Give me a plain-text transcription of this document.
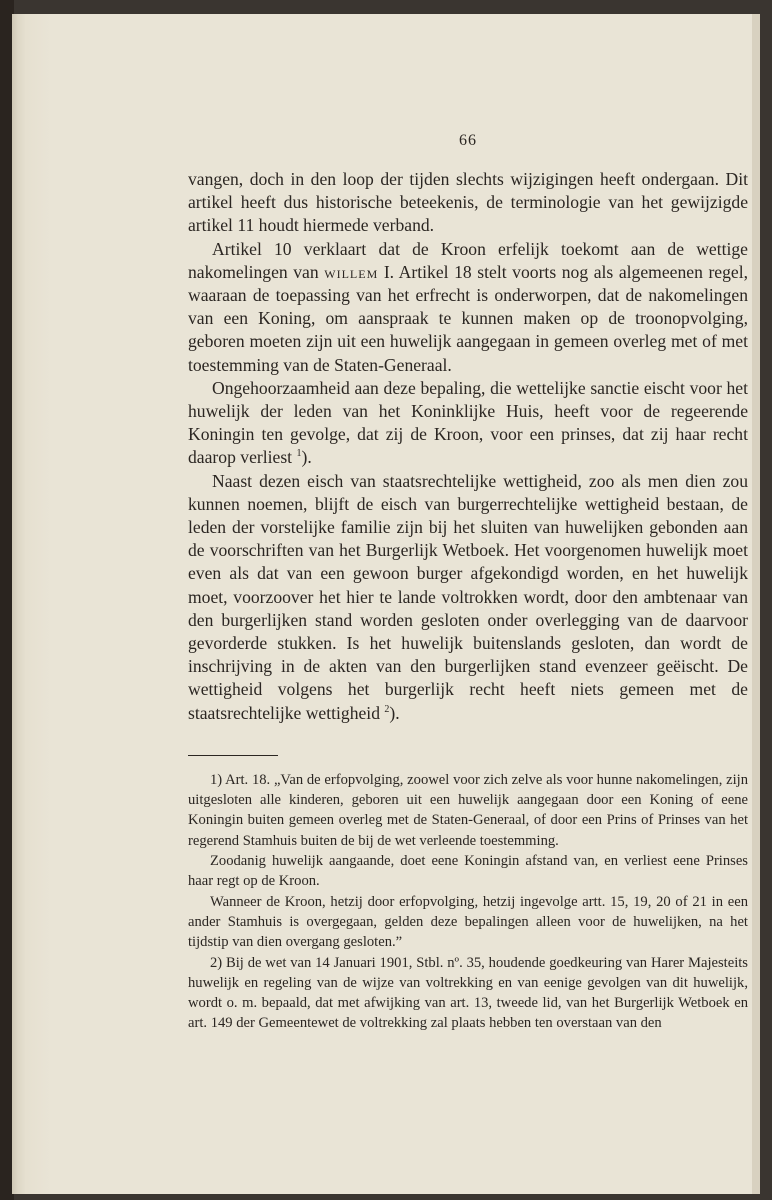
66

vangen, doch in den loop der tijden slechts wijzigingen heeft ondergaan. Dit artikel heeft dus historische beteekenis, de terminologie van het gewijzigde artikel 11 houdt hiermede verband.

Artikel 10 verklaart dat de Kroon erfelijk toekomt aan de wettige nakomelingen van willem I. Artikel 18 stelt voorts nog als algemeenen regel, waaraan de toepassing van het erfrecht is onderworpen, dat de nakomelingen van een Koning, om aanspraak te kunnen maken op de troonopvolging, geboren moeten zijn uit een huwelijk aangegaan in gemeen overleg met of met toestemming van de Staten-Generaal.

Ongehoorzaamheid aan deze bepaling, die wettelijke sanctie eischt voor het huwelijk der leden van het Koninklijke Huis, heeft voor de regeerende Koningin ten gevolge, dat zij de Kroon, voor een prinses, dat zij haar recht daarop verliest $^1$).

Naast dezen eisch van staatsrechtelijke wettigheid, zoo als men dien zou kunnen noemen, blijft de eisch van burgerrechtelijke wettigheid bestaan, de leden der vorstelijke familie zijn bij het sluiten van huwelijken gebonden aan de voorschriften van het Burgerlijk Wetboek. Het voorgenomen huwelijk moet even als dat van een gewoon burger afgekondigd worden, en het huwelijk moet, voorzoover het hier te lande voltrokken wordt, door den ambtenaar van den burgerlijken stand worden gesloten onder overlegging van de daarvoor gevorderde stukken. Is het huwelijk buitenslands gesloten, dan wordt de inschrijving in de akten van den burgerlijken stand evenzeer geëischt. De wettigheid volgens het burgerlijk recht heeft niets gemeen met de staatsrechtelijke wettigheid $^2$).

1) Art. 18. „Van de erfopvolging, zoowel voor zich zelve als voor hunne nakomelingen, zijn uitgesloten alle kinderen, geboren uit een huwelijk aangegaan door een Koning of eene Koningin buiten gemeen overleg met de Staten-Generaal, of door een Prins of Prinses van het regerend Stamhuis buiten de bij de wet verleende toestemming.

Zoodanig huwelijk aangaande, doet eene Koningin afstand van, en verliest eene Prinses haar regt op de Kroon.

Wanneer de Kroon, hetzij door erfopvolging, hetzij ingevolge artt. 15, 19, 20 of 21 in een ander Stamhuis is overgegaan, gelden deze bepalingen alleen voor de huwelijken, na het tijdstip van dien overgang gesloten.”

2) Bij de wet van 14 Januari 1901, Stbl. nº. 35, houdende goedkeuring van Harer Majesteits huwelijk en regeling van de wijze van voltrekking en van eenige gevolgen van dit huwelijk, wordt o. m. bepaald, dat met afwijking van art. 13, tweede lid, van het Burgerlijk Wetboek en art. 149 der Gemeentewet de voltrekking zal plaats hebben ten overstaan van den
